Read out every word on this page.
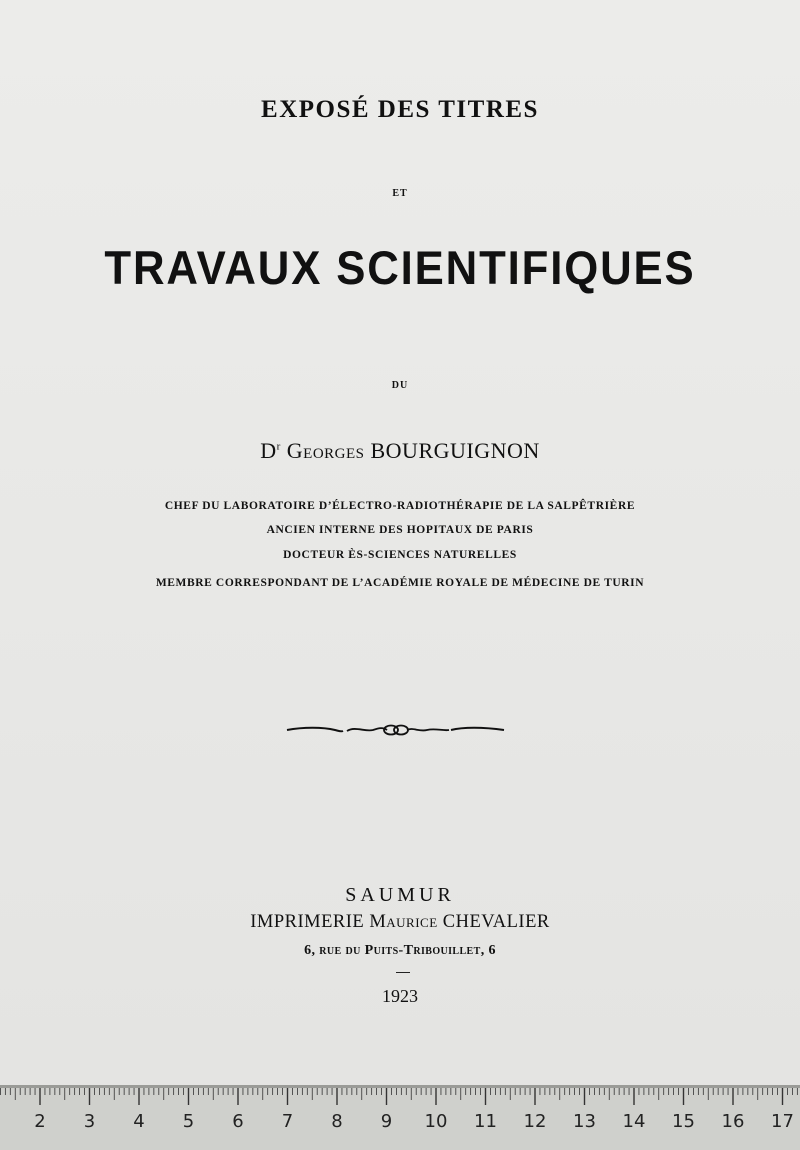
EXPOSÉ DES TITRES
ET
TRAVAUX SCIENTIFIQUES
DU
$D^r$ Georges BOURGUIGNON
CHEF DU LABORATOIRE D’ÉLECTRO-RADIOTHÉRAPIE DE LA SALPÊTRIÈRE
ANCIEN INTERNE DES HOPITAUX DE PARIS
DOCTEUR ÈS-SCIENCES NATURELLES
MEMBRE CORRESPONDANT DE L’ACADÉMIE ROYALE DE MÉDECINE DE TURIN
SAUMUR
IMPRIMERIE Maurice CHEVALIER
6, rue du Puits-Tribouillet, 6
1923
2 3 4 5 6 7 8 9 10 11 12 13 14 15 16 17
